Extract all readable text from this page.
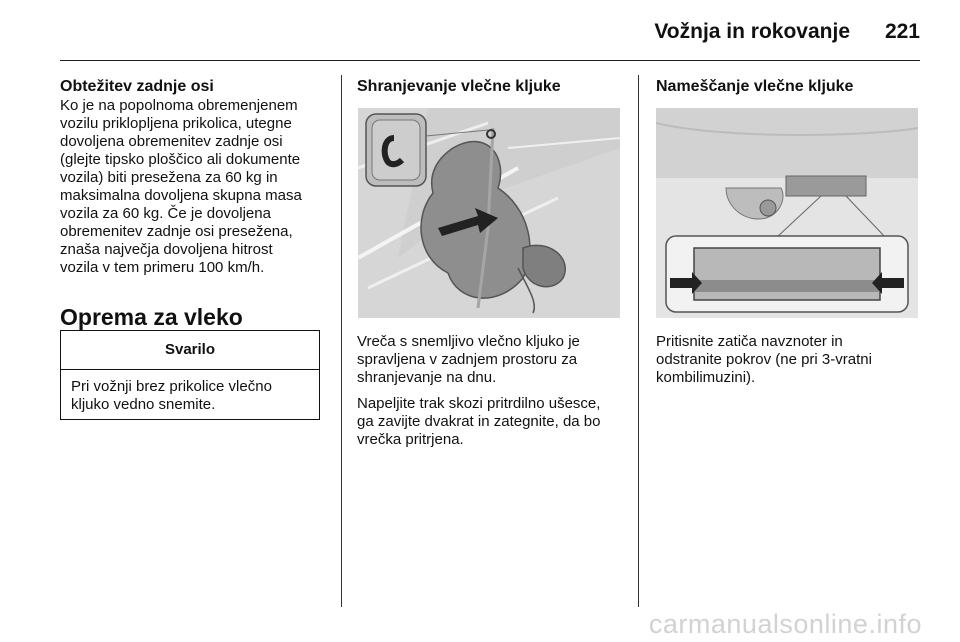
Vožnja in rokovanje	221
Obtežitev zadnje osi

Ko je na popolnoma obremenjenem
vozilu priklopljena prikolica, utegne
dovoljena obremenitev zadnje osi
(glejte tipsko ploščico ali dokumente
vozila) biti presežena za 60 kg in
maksimalna dovoljena skupna masa
vozila za 60 kg. Če je dovoljena
obremenitev zadnje osi presežena,
znaša največja dovoljena hitrost
vozila v tem primeru 100 km/h.

Oprema za vleko
Svarilo
Pri vožnji brez prikolice vlečno
kljuko vedno snemite.
Shranjevanje vlečne kljuke

Vreča s snemljivo vlečno kljuko je
spravljena v zadnjem prostoru za
shranjevanje na dnu.

Napeljite trak skozi pritrdilno ušesce,
ga zavijte dvakrat in zategnite, da bo
vrečka pritrjena.

Nameščanje vlečne kljuke

Pritisnite zatiča navznoter in
odstranite pokrov (ne pri 3-vratni
kombilimuzini).

carmanualsonline.info
